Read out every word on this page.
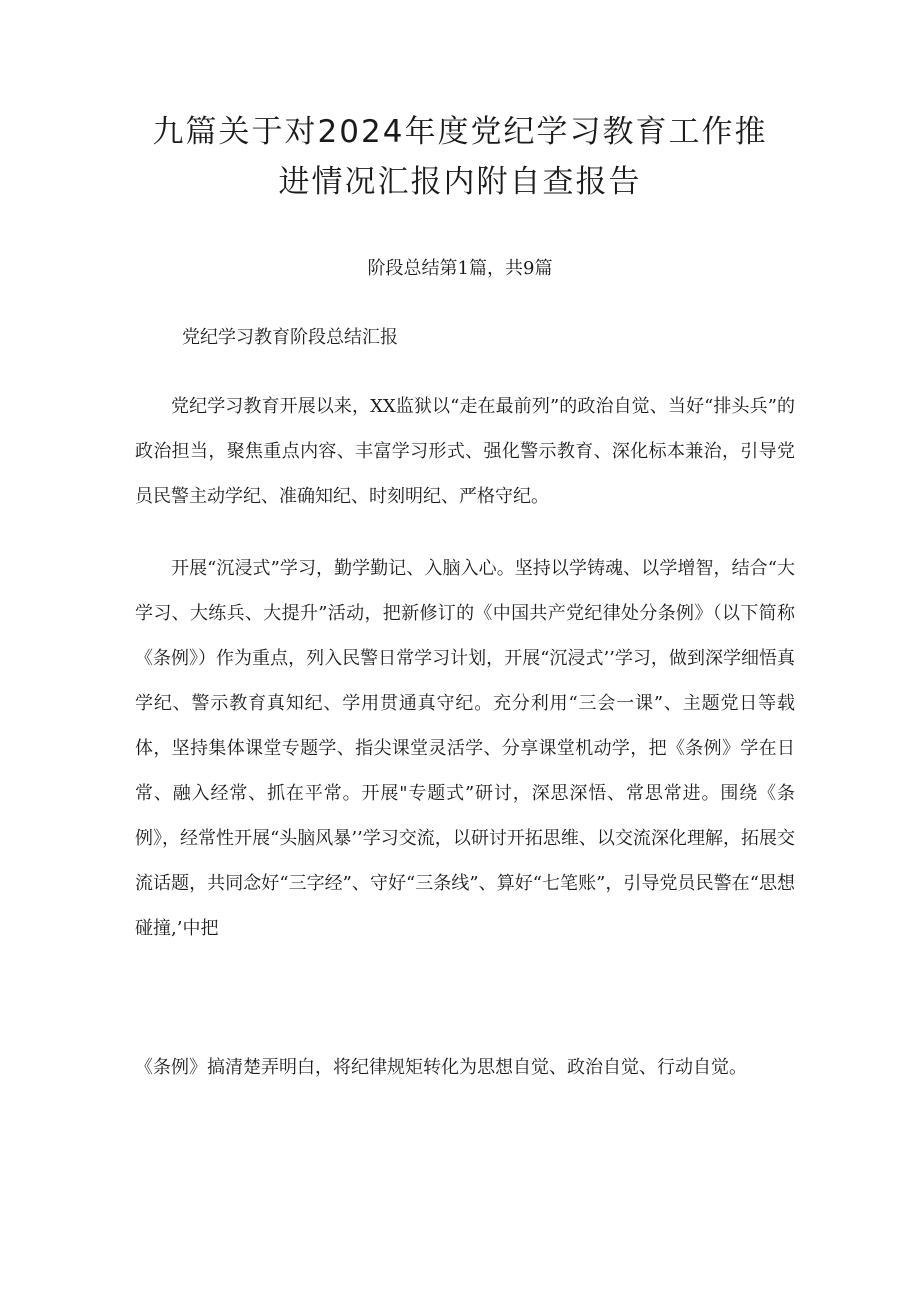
九篇关于对2024年度党纪学习教育工作推
进情况汇报内附自查报告
阶段总结第1篇，共9篇
党纪学习教育阶段总结汇报

党纪学习教育开展以来，XX监狱以“走在最前列”的政治自觉、当好“排头兵”的政治担当，聚焦重点内容、丰富学习形式、强化警示教育、深化标本兼治，引导党员民警主动学纪、准确知纪、时刻明纪、严格守纪。

开展“沉浸式”学习，勤学勤记、入脑入心。坚持以学铸魂、以学增智，结合“大学习、大练兵、大提升”活动，把新修订的《中国共产党纪律处分条例》（以下简称《条例》）作为重点，列入民警日常学习计划，开展“沉浸式’’学习，做到深学细悟真学纪、警示教育真知纪、学用贯通真守纪。充分利用“三会一课”、主题党日等载体，坚持集体课堂专题学、指尖课堂灵活学、分享课堂机动学，把《条例》学在日常、融入经常、抓在平常。开展"专题式”研讨，深思深悟、常思常进。围绕《条例》，经常性开展“头脑风暴’’学习交流，以研讨开拓思维、以交流深化理解，拓展交流话题，共同念好“三字经”、守好“三条线”、算好“七笔账”，引导党员民警在“思想碰撞,’中把

《条例》搞清楚弄明白，将纪律规矩转化为思想自觉、政治自觉、行动自觉。
